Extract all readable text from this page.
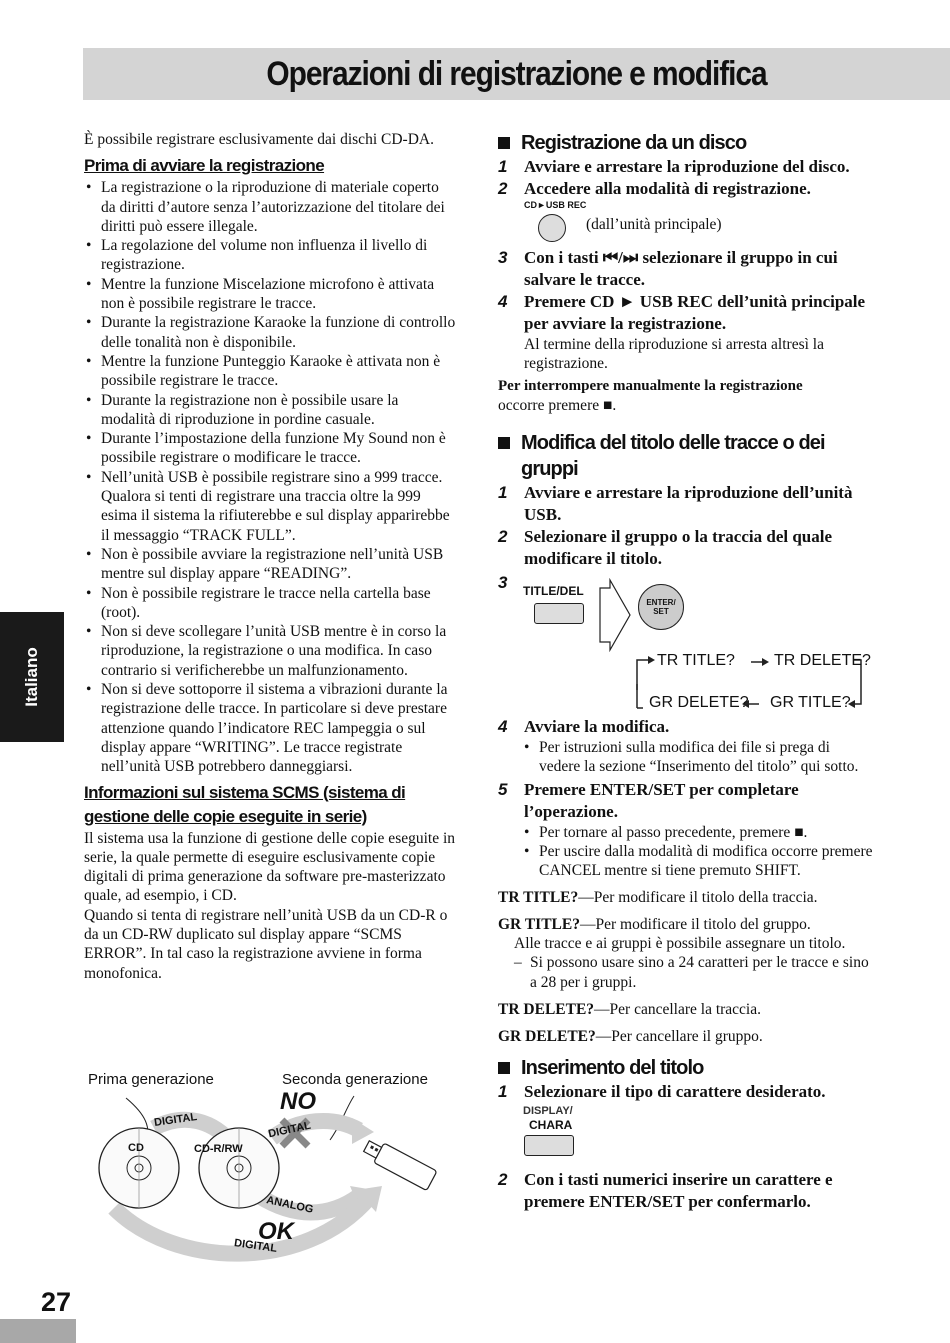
Operazioni di registrazione e modifica
Italiano
27

È possibile registrare esclusivamente dai dischi CD-DA.

Prima di avviare la registrazione

• La registrazione o la riproduzione di materiale coperto da diritti d’autore senza l’autorizzazione del titolare dei diritti può essere illegale.
• La regolazione del volume non influenza il livello di registrazione.
• Mentre la funzione Miscelazione microfono è attivata non è possibile registrare le tracce.
• Durante la registrazione Karaoke la funzione di controllo delle tonalità non è disponibile.
• Mentre la funzione Punteggio Karaoke è attivata non è possibile registrare le tracce.
• Durante la registrazione non è possibile usare la modalità di riproduzione in pordine casuale.
• Durante l’impostazione della funzione My Sound non è possibile registrare o modificare le tracce.
• Nell’unità USB è possibile registrare sino a 999 tracce. Qualora si tenti di registrare una traccia oltre la 999 esima il sistema la rifiuterebbe e sul display apparirebbe il messaggio “TRACK FULL”.
• Non è possibile avviare la registrazione nell’unità USB mentre sul display appare “READING”.
• Non è possibile registrare le tracce nella cartella base (root).
• Non si deve scollegare l’unità USB mentre è in corso la riproduzione, la registrazione o una modifica. In caso contrario si verificherebbe un malfunzionamento.
• Non si deve sottoporre il sistema a vibrazioni durante la registrazione delle tracce. In particolare si deve prestare attenzione quando l’indicatore REC lampeggia o sul display appare “WRITING”. Le tracce registrate nell’unità USB potrebbero danneggiarsi.

Informazioni sul sistema SCMS (sistema di gestione delle copie eseguite in serie)

Il sistema usa la funzione di gestione delle copie eseguite in serie, la quale permette di eseguire esclusivamente copie digitali di prima generazione da software pre-masterizzato quale, ad esempio, i CD.

Quando si tenta di registrare nell’unità USB da un CD-R o da un CD-RW duplicato sul display appare “SCMS ERROR”. In tal caso la registrazione avviene in forma monofonica.

Prima generazione	Seconda generazione
DIGITAL	DIGITAL
ANALOG
DIGITAL
NO
OK
CD	CD-R/RW
Registrazione da un disco
1 Avviare e arrestare la riproduzione del disco.
2 Accedere alla modalità di registrazione.
CD►USB REC
(dall’unità principale)
3 Con i tasti ⏮/⏭ selezionare il gruppo in cui salvare le tracce.
4 Premere CD ► USB REC dell’unità principale per avviare la registrazione.
Al termine della riproduzione si arresta altresì la registrazione.

Per interrompere manualmente la registrazione

occorre premere ■.

Modifica del titolo delle tracce o dei gruppi
1 Avviare e arrestare la riproduzione dell’unità USB.
2 Selezionare il gruppo o la traccia del quale modificare il titolo.
3	TITLE/DEL
ENTER/ SET
TR TITLE? TR DELETE?
GR DELETE? GR TITLE?
4 Avviare la modifica.
• Per istruzioni sulla modifica dei file si prega di vedere la sezione “Inserimento del titolo” qui sotto.
5 Premere ENTER/SET per completare l’operazione.
• Per tornare al passo precedente, premere ■.
• Per uscire dalla modalità di modifica occorre premere CANCEL mentre si tiene premuto SHIFT.

TR TITLE?—Per modificare il titolo della traccia.

GR TITLE?—Per modificare il titolo del gruppo.

Alle tracce e ai gruppi è possibile assegnare un titolo.

– Si possono usare sino a 24 caratteri per le tracce e sino a 28 per i gruppi.

TR DELETE?—Per cancellare la traccia.

GR DELETE?—Per cancellare il gruppo.

Inserimento del titolo
1 Selezionare il tipo di carattere desiderato.
DISPLAY/
CHARA
2 Con i tasti numerici inserire un carattere e premere ENTER/SET per confermarlo.
